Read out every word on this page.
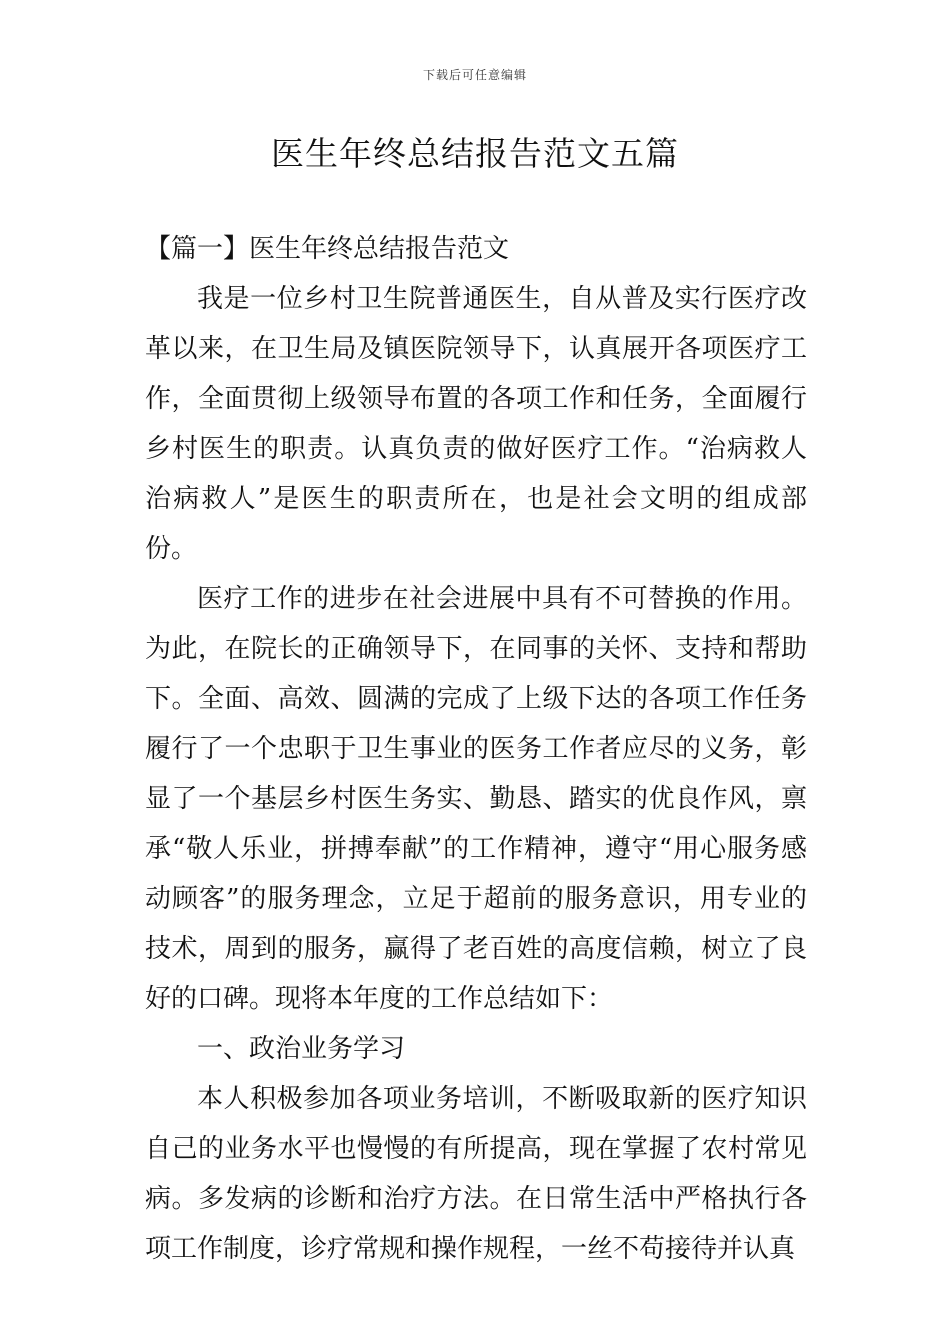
下载后可任意编辑
医生年终总结报告范文五篇

【篇一】医生年终总结报告范文

我是一位乡村卫生院普通医生，自从普及实行医疗改革以来，在卫生局及镇医院领导下，认真展开各项医疗工作，全面贯彻上级领导布置的各项工作和任务，全面履行乡村医生的职责。认真负责的做好医疗工作。“治病救人治病救人”是医生的职责所在，也是社会文明的组成部份。

医疗工作的进步在社会进展中具有不可替换的作用。为此，在院长的正确领导下，在同事的关怀、支持和帮助下。全面、高效、圆满的完成了上级下达的各项工作任务履行了一个忠职于卫生事业的医务工作者应尽的义务，彰显了一个基层乡村医生务实、勤恳、踏实的优良作风，禀承“敬人乐业，拼搏奉献”的工作精神，遵守“用心服务感动顾客”的服务理念，立足于超前的服务意识，用专业的技术，周到的服务，赢得了老百姓的高度信赖，树立了良好的口碑。现将本年度的工作总结如下：

一、政治业务学习

本人积极参加各项业务培训，不断吸取新的医疗知识自己的业务水平也慢慢的有所提高，现在掌握了农村常见病。多发病的诊断和治疗方法。在日常生活中严格执行各项工作制度，诊疗常规和操作规程，一丝不苟接待并认真
